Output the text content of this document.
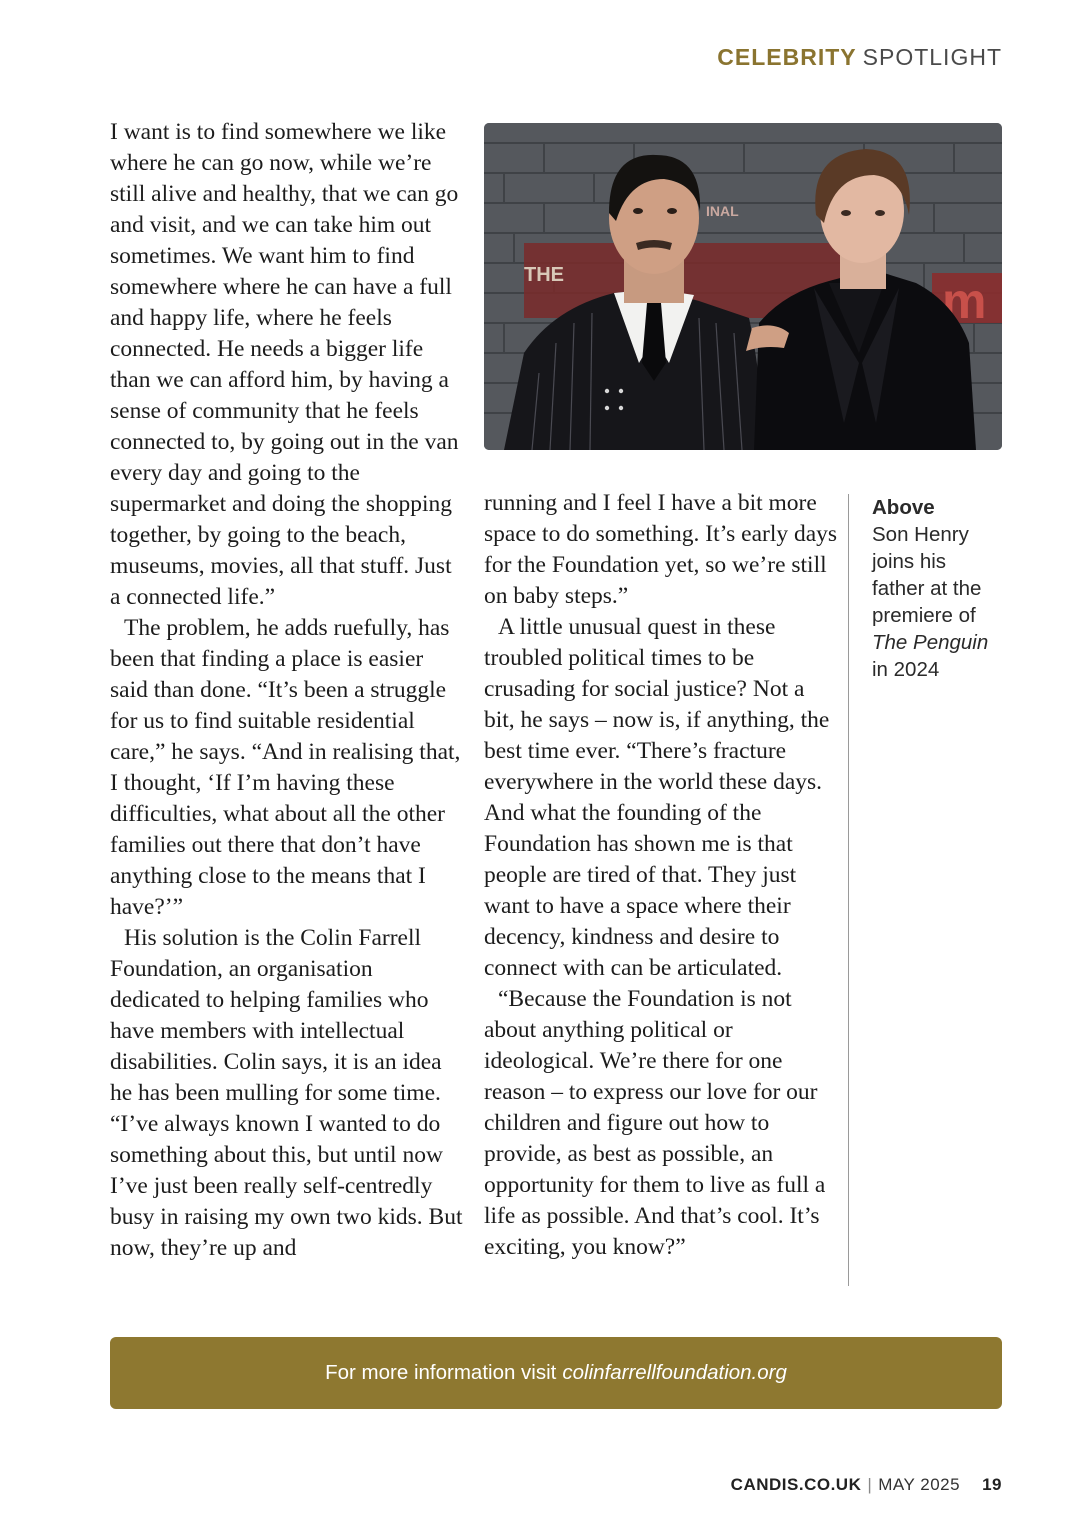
CELEBRITY SPOTLIGHT

I want is to find somewhere we like where he can go now, while we’re still alive and healthy, that we can go and visit, and we can take him out sometimes. We want him to find somewhere where he can have a full and happy life, where he feels connected. He needs a bigger life than we can afford him, by having a sense of community that he feels connected to, by going out in the van every day and going to the supermarket and doing the shopping together, by going to the beach, museums, movies, all that stuff. Just a connected life.”

The problem, he adds ruefully, has been that finding a place is easier said than done. “It’s been a struggle for us to find suitable residential care,” he says. “And in realising that, I thought, ‘If I’m having these difficulties, what about all the other families out there that don’t have anything close to the means that I have?’”

His solution is the Colin Farrell Foundation, an organisation dedicated to helping families who have members with intellectual disabilities. Colin says, it is an idea he has been mulling for some time. “I’ve always known I wanted to do something about this, but until now I’ve just been really self-centredly busy in raising my own two kids. But now, they’re up and

THE
INAL
m

running and I feel I have a bit more space to do something. It’s early days for the Foundation yet, so we’re still on baby steps.”

A little unusual quest in these troubled political times to be crusading for social justice? Not a bit, he says – now is, if anything, the best time ever. “There’s fracture everywhere in the world these days. And what the founding of the Foundation has shown me is that people are tired of that. They just want to have a space where their decency, kindness and desire to connect with can be articulated.

“Because the Foundation is not about anything political or ideological. We’re there for one reason – to express our love for our children and figure out how to provide, as best as possible, an opportunity for them to live as full a life as possible. And that’s cool. It’s exciting, you know?”

Above
Son Henry joins his father at the premiere of The Penguin in 2024
For more information visit colinfarrellfoundation.org
CANDIS.CO.UK | MAY 2025 19
